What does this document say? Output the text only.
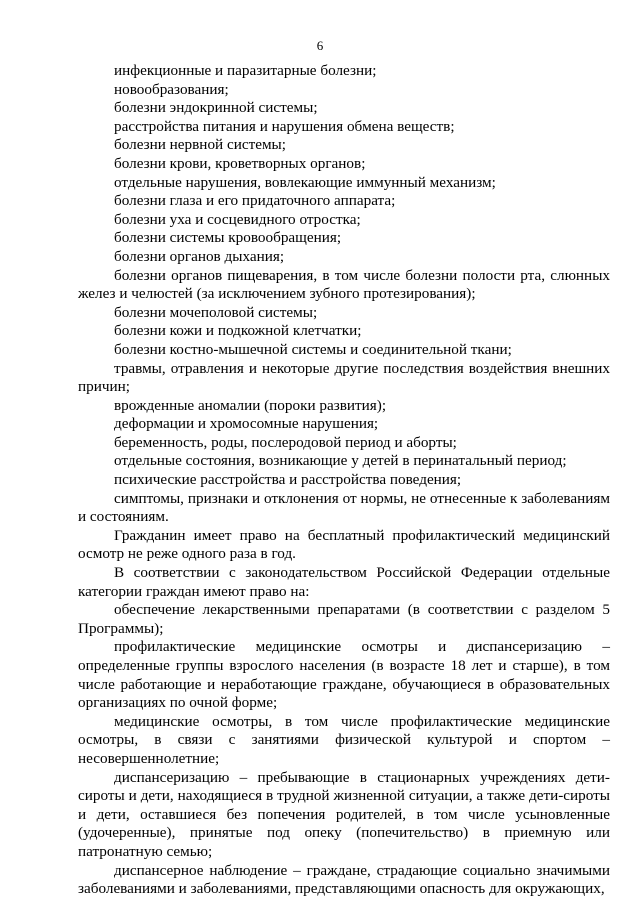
6

инфекционные и паразитарные болезни;

новообразования;

болезни эндокринной системы;

расстройства питания и нарушения обмена веществ;

болезни нервной системы;

болезни крови, кроветворных органов;

отдельные нарушения, вовлекающие иммунный механизм;

болезни глаза и его придаточного аппарата;

болезни уха и сосцевидного отростка;

болезни системы кровообращения;

болезни органов дыхания;

болезни органов пищеварения, в том числе болезни полости рта, слюнных желез и челюстей (за исключением зубного протезирования);

болезни мочеполовой системы;

болезни кожи и подкожной клетчатки;

болезни костно-мышечной системы и соединительной ткани;

травмы, отравления и некоторые другие последствия воздействия внешних причин;

врожденные аномалии (пороки развития);

деформации и хромосомные нарушения;

беременность, роды, послеродовой период и аборты;

отдельные состояния, возникающие у детей в перинатальный период;

психические расстройства и расстройства поведения;

симптомы, признаки и отклонения от нормы, не отнесенные к заболеваниям и состояниям.

Гражданин имеет право на бесплатный профилактический медицинский осмотр не реже одного раза в год.

В соответствии с законодательством Российской Федерации отдельные категории граждан имеют право на:

обеспечение лекарственными препаратами (в соответствии с разделом 5 Программы);

профилактические медицинские осмотры и диспансеризацию – определенные группы взрослого населения (в возрасте 18 лет и старше), в том числе работающие и неработающие граждане, обучающиеся в образовательных организациях по очной форме;

медицинские осмотры, в том числе профилактические медицинские осмотры, в связи с занятиями физической культурой и спортом – несовершеннолетние;

диспансеризацию – пребывающие в стационарных учреждениях дети-сироты и дети, находящиеся в трудной жизненной ситуации, а также дети-сироты и дети, оставшиеся без попечения родителей, в том числе усыновленные (удочеренные), принятые под опеку (попечительство) в приемную или патронатную семью;

диспансерное наблюдение – граждане, страдающие социально значимыми заболеваниями и заболеваниями, представляющими опасность для окружающих,
